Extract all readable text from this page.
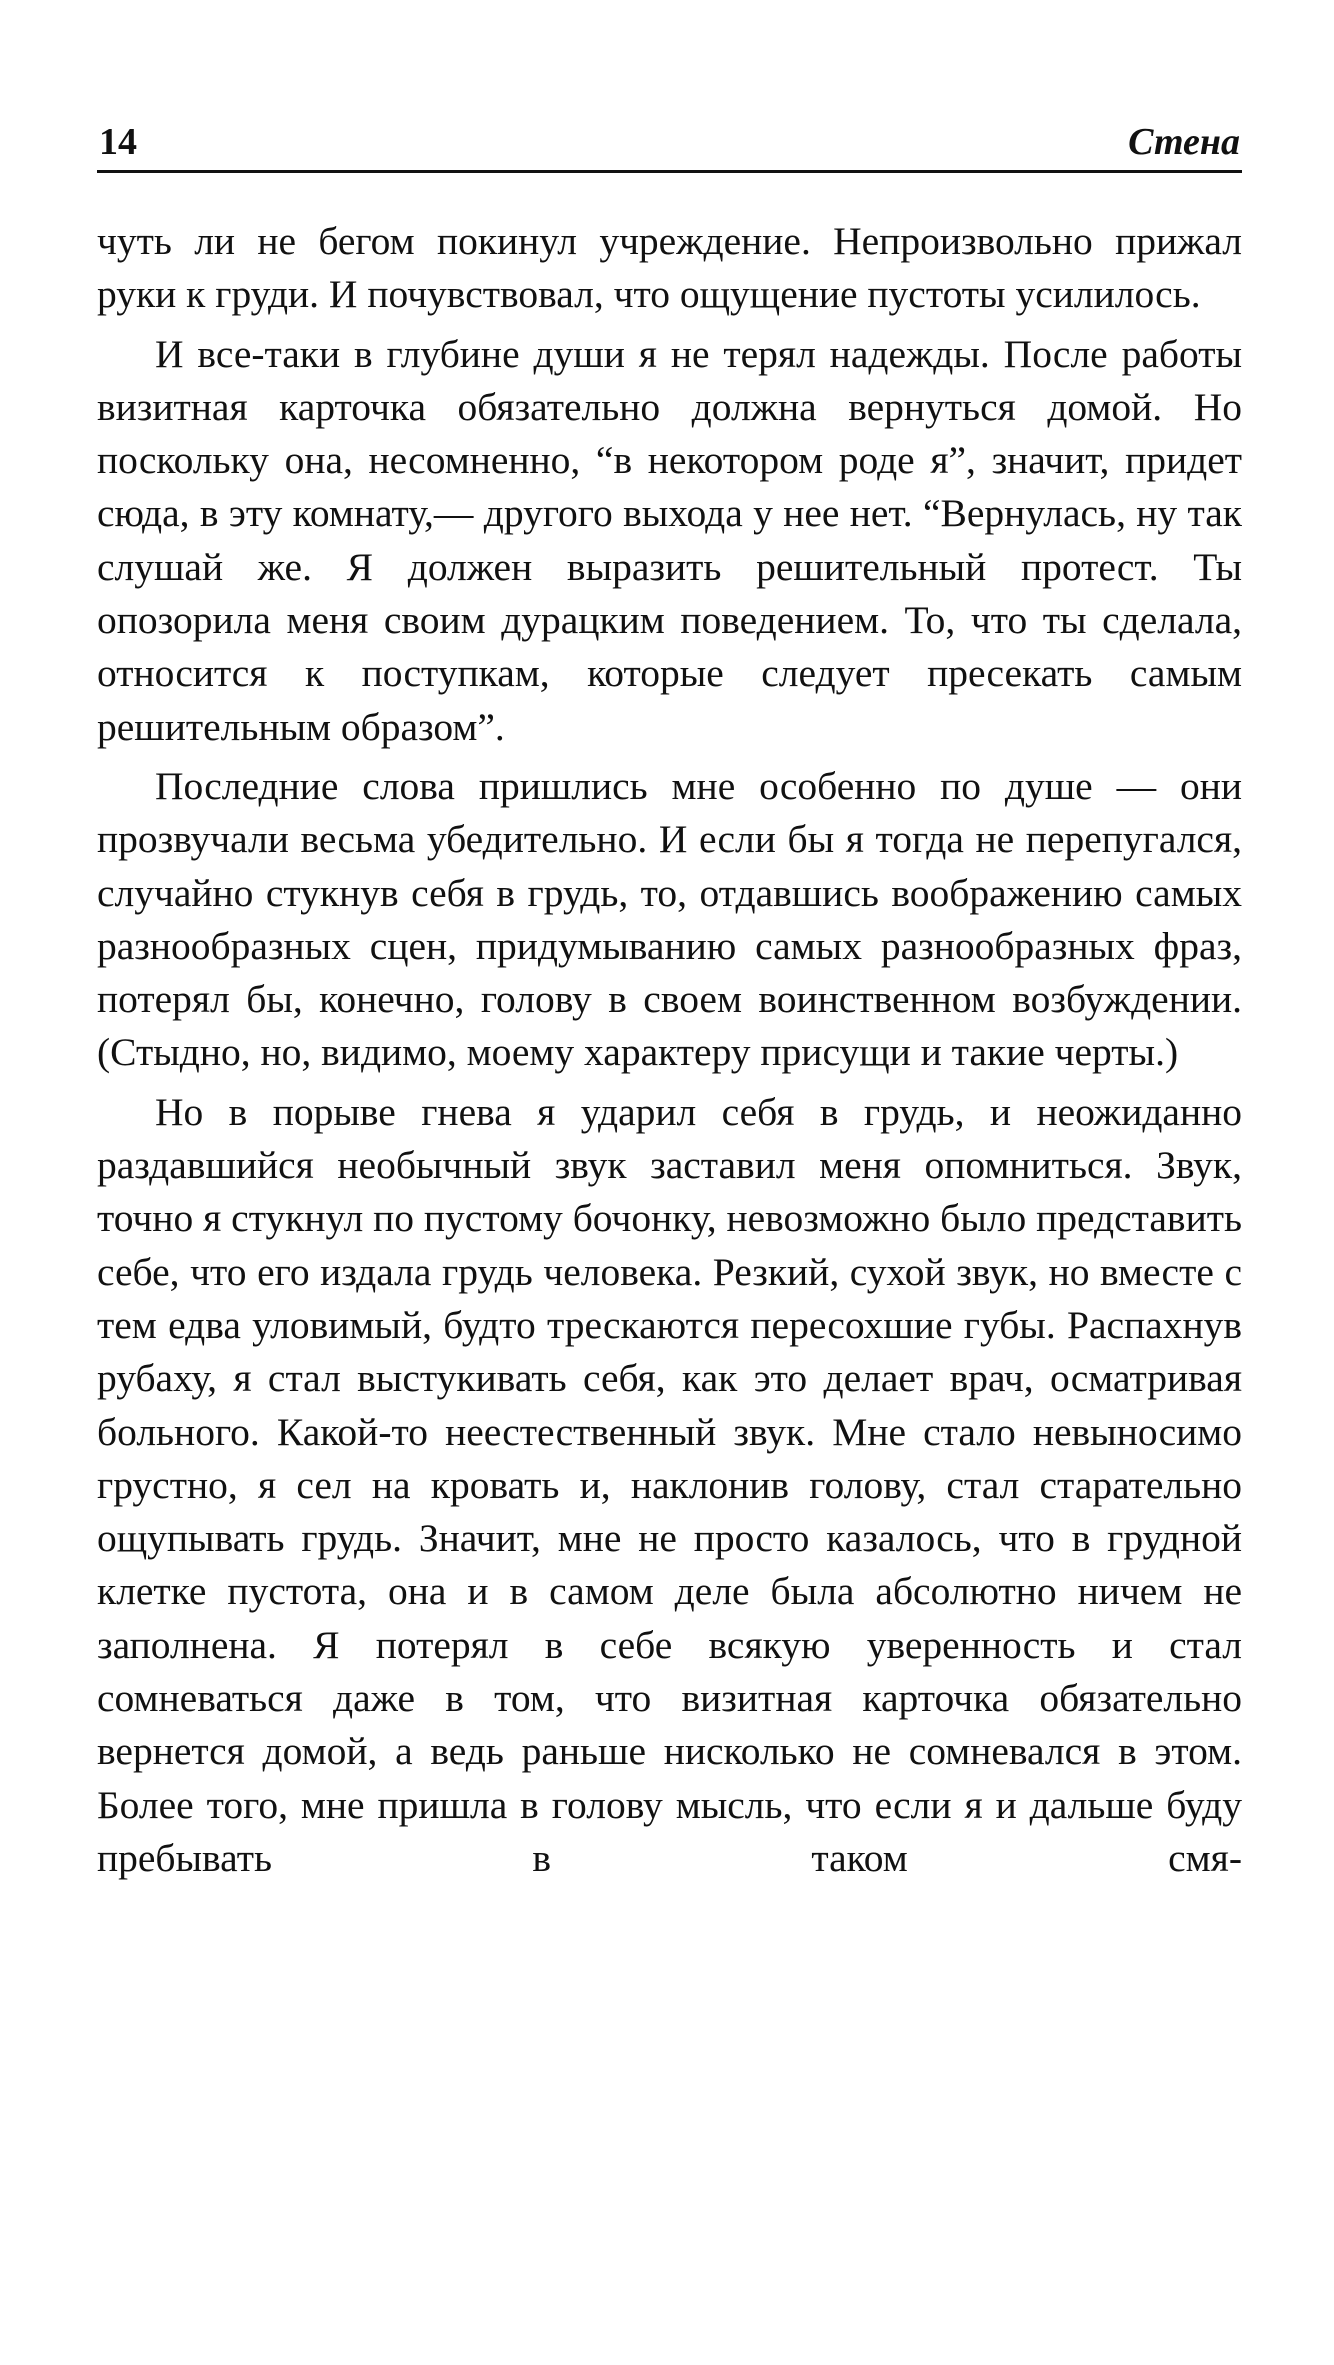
14	Стена

чуть ли не бегом покинул учреждение. Непроизвольно прижал руки к груди. И почувствовал, что ощущение пустоты усилилось.

И все-таки в глубине души я не терял надежды. После работы визитная карточка обязательно должна вернуться домой. Но поскольку она, несомненно, “в некотором роде я”, значит, придет сюда, в эту комнату,— другого выхода у нее нет. “Вернулась, ну так слушай же. Я должен выразить решительный протест. Ты опозорила меня своим дурацким поведением. То, что ты сделала, относится к поступкам, которые следует пресекать самым решительным образом”.

Последние слова пришлись мне особенно по душе — они прозвучали весьма убедительно. И если бы я тогда не перепугался, случайно стукнув себя в грудь, то, отдавшись воображению самых разнообразных сцен, придумыванию самых разнообразных фраз, потерял бы, конечно, голову в своем воинственном возбуждении. (Стыдно, но, видимо, моему характеру присущи и такие черты.)

Но в порыве гнева я ударил себя в грудь, и неожиданно раздавшийся необычный звук заставил меня опомниться. Звук, точно я стукнул по пустому бочонку, невозможно было представить себе, что его издала грудь человека. Резкий, сухой звук, но вместе с тем едва уловимый, будто трескаются пересохшие губы. Распахнув рубаху, я стал выстукивать себя, как это делает врач, осматривая больного. Какой-то неестественный звук. Мне стало невыносимо грустно, я сел на кровать и, наклонив голову, стал старательно ощупывать грудь. Значит, мне не просто казалось, что в грудной клетке пустота, она и в самом деле была абсолютно ничем не заполнена. Я потерял в себе всякую уверенность и стал сомневаться даже в том, что визитная карточка обязательно вернется домой, а ведь раньше нисколько не сомневался в этом. Более того, мне пришла в голову мысль, что если я и дальше буду пребывать в таком смя-
